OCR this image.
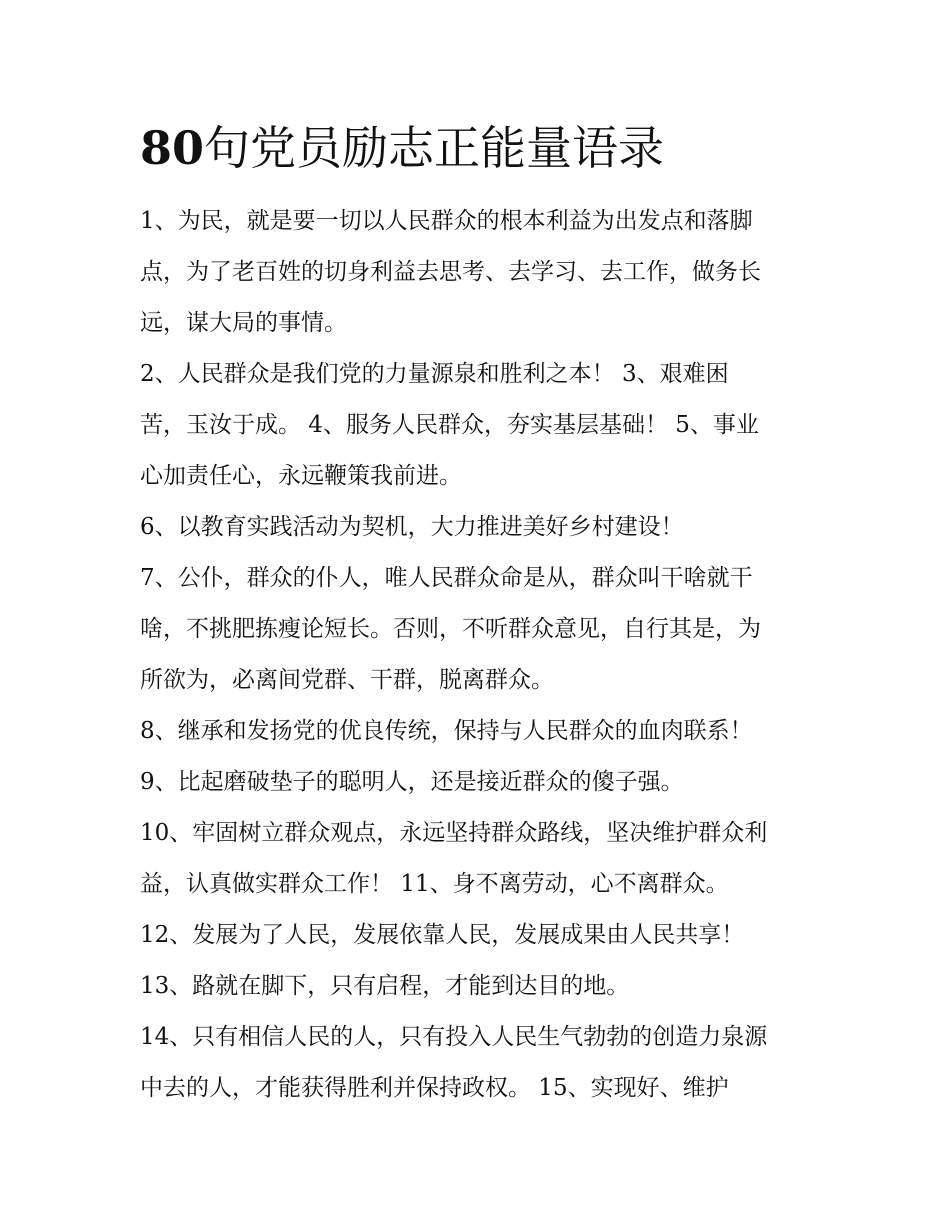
80句党员励志正能量语录

1、为民，就是要一切以人民群众的根本利益为出发点和落脚
点，为了老百姓的切身利益去思考、去学习、去工作，做务长
远，谋大局的事情。

2、人民群众是我们党的力量源泉和胜利之本！ 3、艰难困
苦，玉汝于成。 4、服务人民群众，夯实基层基础！ 5、事业
心加责任心，永远鞭策我前进。

6、以教育实践活动为契机，大力推进美好乡村建设！

7、公仆，群众的仆人，唯人民群众命是从，群众叫干啥就干
啥，不挑肥拣瘦论短长。否则，不听群众意见，自行其是，为
所欲为，必离间党群、干群，脱离群众。

8、继承和发扬党的优良传统，保持与人民群众的血肉联系！

9、比起磨破垫子的聪明人，还是接近群众的傻子强。

10、牢固树立群众观点，永远坚持群众路线，坚决维护群众利
益，认真做实群众工作！ 11、身不离劳动，心不离群众。

12、发展为了人民，发展依靠人民，发展成果由人民共享！

13、路就在脚下，只有启程，才能到达目的地。

14、只有相信人民的人，只有投入人民生气勃勃的创造力泉源
中去的人，才能获得胜利并保持政权。 15、实现好、维护
